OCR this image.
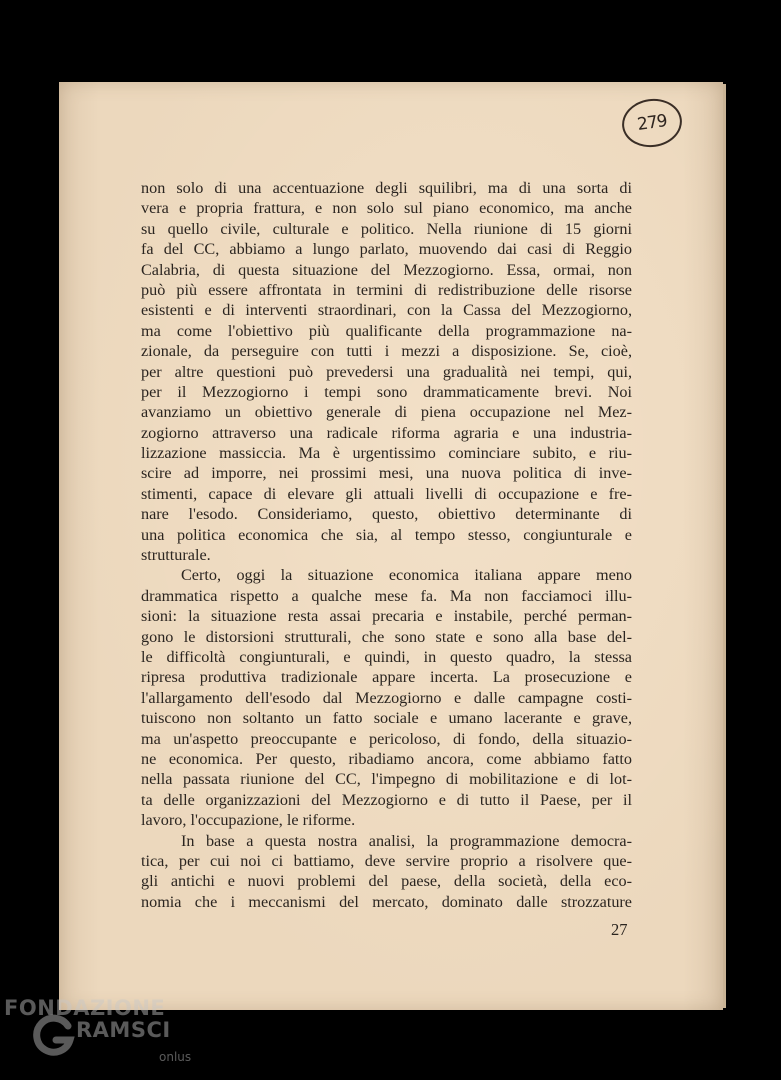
279
non solo di una accentuazione degli squilibri, ma di una sorta di
vera e propria frattura, e non solo sul piano economico, ma anche
su quello civile, culturale e politico. Nella riunione di 15 giorni
fa del CC, abbiamo a lungo parlato, muovendo dai casi di Reggio
Calabria, di questa situazione del Mezzogiorno. Essa, ormai, non
può più essere affrontata in termini di redistribuzione delle risorse
esistenti e di interventi straordinari, con la Cassa del Mezzogiorno,
ma come l'obiettivo più qualificante della programmazione na-
zionale, da perseguire con tutti i mezzi a disposizione. Se, cioè,
per altre questioni può prevedersi una gradualità nei tempi, qui,
per il Mezzogiorno i tempi sono drammaticamente brevi. Noi
avanziamo un obiettivo generale di piena occupazione nel Mez-
zogiorno attraverso una radicale riforma agraria e una industria-
lizzazione massiccia. Ma è urgentissimo cominciare subito, e riu-
scire ad imporre, nei prossimi mesi, una nuova politica di inve-
stimenti, capace di elevare gli attuali livelli di occupazione e fre-
nare l'esodo. Consideriamo, questo, obiettivo determinante di
una politica economica che sia, al tempo stesso, congiunturale e
strutturale.
Certo, oggi la situazione economica italiana appare meno
drammatica rispetto a qualche mese fa. Ma non facciamoci illu-
sioni: la situazione resta assai precaria e instabile, perché perman-
gono le distorsioni strutturali, che sono state e sono alla base del-
le difficoltà congiunturali, e quindi, in questo quadro, la stessa
ripresa produttiva tradizionale appare incerta. La prosecuzione e
l'allargamento dell'esodo dal Mezzogiorno e dalle campagne costi-
tuiscono non soltanto un fatto sociale e umano lacerante e grave,
ma un'aspetto preoccupante e pericoloso, di fondo, della situazio-
ne economica. Per questo, ribadiamo ancora, come abbiamo fatto
nella passata riunione del CC, l'impegno di mobilitazione e di lot-
ta delle organizzazioni del Mezzogiorno e di tutto il Paese, per il
lavoro, l'occupazione, le riforme.
In base a questa nostra analisi, la programmazione democra-
tica, per cui noi ci battiamo, deve servire proprio a risolvere que-
gli antichi e nuovi problemi del paese, della società, della eco-
nomia che i meccanismi del mercato, dominato dalle strozzature
27
FONDAZIONE
RAMSCI
onlus
